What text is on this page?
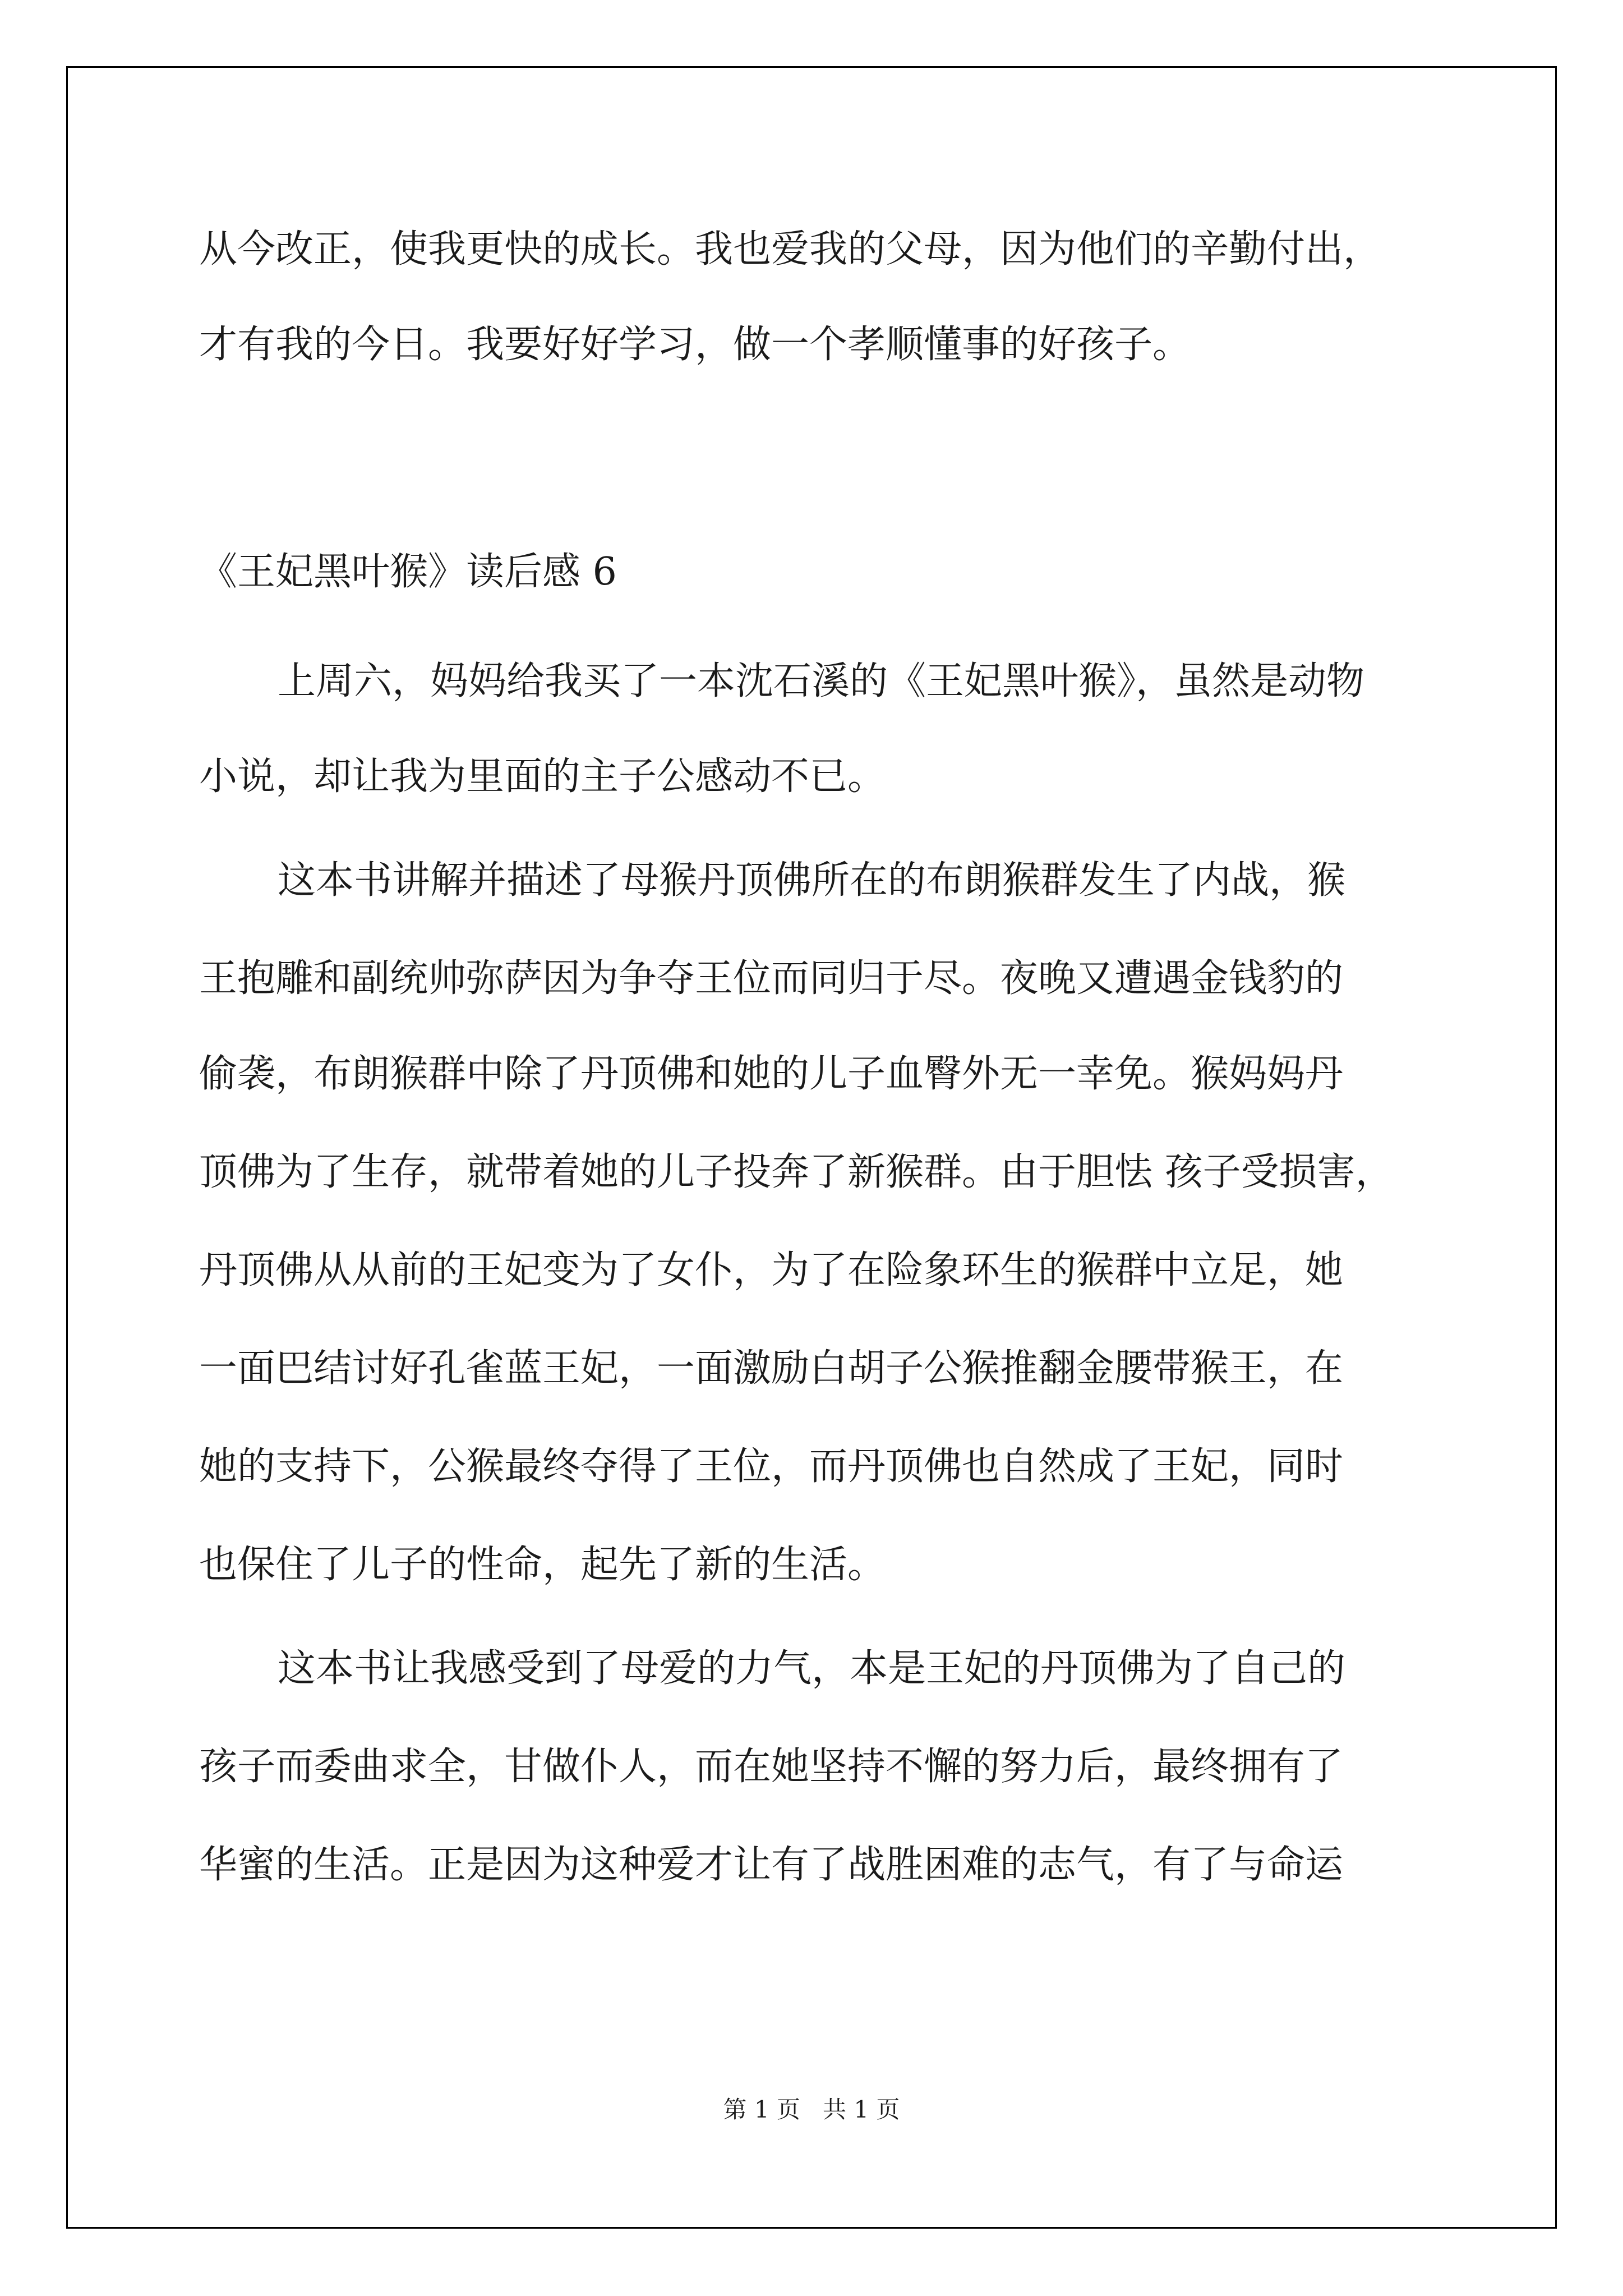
从今改正，使我更快的成长。我也爱我的父母，因为他们的辛勤付出，
才有我的今日。我要好好学习，做一个孝顺懂事的好孩子。
《王妃黑叶猴》读后感 6
上周六，妈妈给我买了一本沈石溪的《王妃黑叶猴》，虽然是动物
小说，却让我为里面的主子公感动不已。
这本书讲解并描述了母猴丹顶佛所在的布朗猴群发生了内战，猴
王抱雕和副统帅弥萨因为争夺王位而同归于尽。夜晚又遭遇金钱豹的
偷袭，布朗猴群中除了丹顶佛和她的儿子血臀外无一幸免。猴妈妈丹
顶佛为了生存，就带着她的儿子投奔了新猴群。由于胆怯 孩子受损害，
丹顶佛从从前的王妃变为了女仆，为了在险象环生的猴群中立足，她
一面巴结讨好孔雀蓝王妃，一面激励白胡子公猴推翻金腰带猴王，在
她的支持下，公猴最终夺得了王位，而丹顶佛也自然成了王妃，同时
也保住了儿子的性命，起先了新的生活。
这本书让我感受到了母爱的力气，本是王妃的丹顶佛为了自己的
孩子而委曲求全，甘做仆人，而在她坚持不懈的努力后，最终拥有了
华蜜的生活。正是因为这种爱才让有了战胜困难的志气，有了与命运
第 1 页   共 1 页
